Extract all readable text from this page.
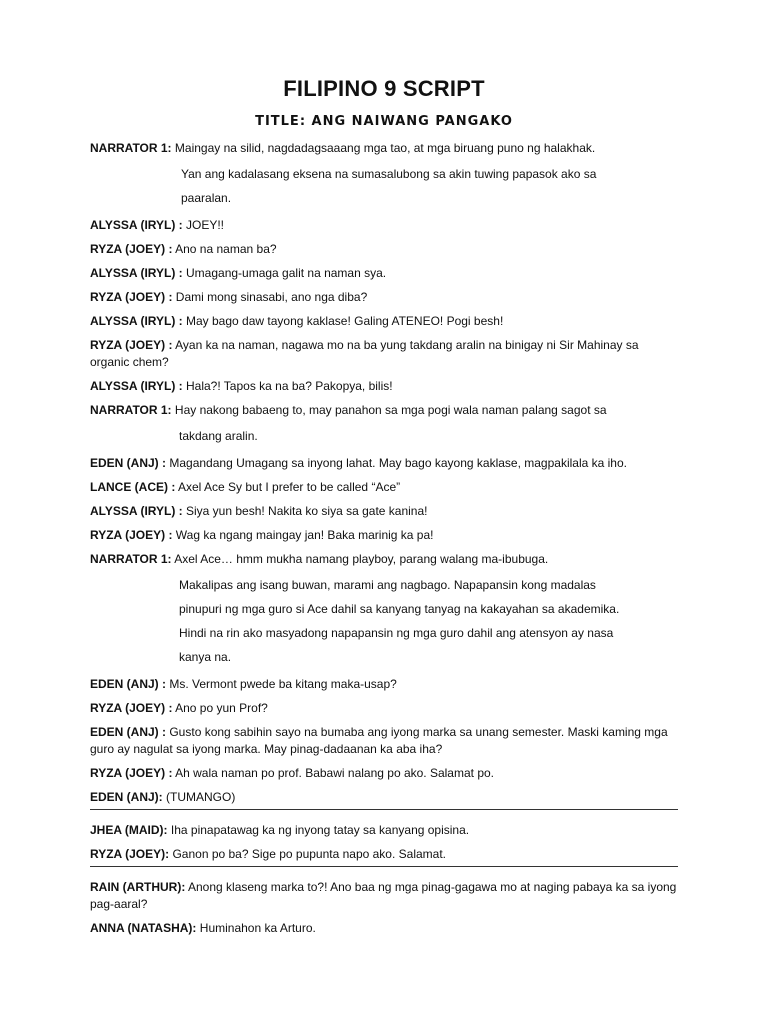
FILIPINO 9 SCRIPT
TITLE: ANG NAIWANG PANGAKO
NARRATOR 1: Maingay na silid, nagdadagsaaang mga tao, at mga biruang puno ng halakhak.
Yan ang kadalasang eksena na sumasalubong sa akin tuwing papasok ako sa
paaralan.
ALYSSA (IRYL) : JOEY!!
RYZA (JOEY) : Ano na naman ba?
ALYSSA (IRYL) : Umagang-umaga galit na naman sya.
RYZA (JOEY) : Dami mong sinasabi, ano nga diba?
ALYSSA (IRYL) : May bago daw tayong kaklase! Galing ATENEO! Pogi besh!
RYZA (JOEY) : Ayan ka na naman, nagawa mo na ba yung takdang aralin na binigay ni Sir Mahinay sa organic chem?
ALYSSA (IRYL) : Hala?! Tapos ka na ba? Pakopya, bilis!
NARRATOR 1: Hay nakong babaeng to, may panahon sa mga pogi wala naman palang sagot sa
takdang aralin.
EDEN (ANJ) : Magandang Umagang sa inyong lahat. May bago kayong kaklase, magpakilala ka iho.
LANCE (ACE) : Axel Ace Sy but I prefer to be called “Ace”
ALYSSA (IRYL) : Siya yun besh! Nakita ko siya sa gate kanina!
RYZA (JOEY) : Wag ka ngang maingay jan! Baka marinig ka pa!
NARRATOR 1: Axel Ace… hmm mukha namang playboy, parang walang ma-ibubuga.
Makalipas ang isang buwan, marami ang nagbago. Napapansin kong madalas
pinupuri ng mga guro si Ace dahil sa kanyang tanyag na kakayahan sa akademika.
Hindi na rin ako masyadong napapansin ng mga guro dahil ang atensyon ay nasa
kanya na.
EDEN (ANJ) : Ms. Vermont pwede ba kitang maka-usap?
RYZA (JOEY) : Ano po yun Prof?
EDEN (ANJ) : Gusto kong sabihin sayo na bumaba ang iyong marka sa unang semester. Maski kaming mga guro ay nagulat sa iyong marka. May pinag-dadaanan ka aba iha?
RYZA (JOEY) : Ah wala naman po prof. Babawi nalang po ako. Salamat po.
EDEN (ANJ): (TUMANGO)
JHEA (MAID): Iha pinapatawag ka ng inyong tatay sa kanyang opisina.
RYZA (JOEY): Ganon po ba? Sige po pupunta napo ako. Salamat.
RAIN (ARTHUR): Anong klaseng marka to?! Ano baa ng mga pinag-gagawa mo at naging pabaya ka sa iyong pag-aaral?
ANNA (NATASHA): Huminahon ka Arturo.
